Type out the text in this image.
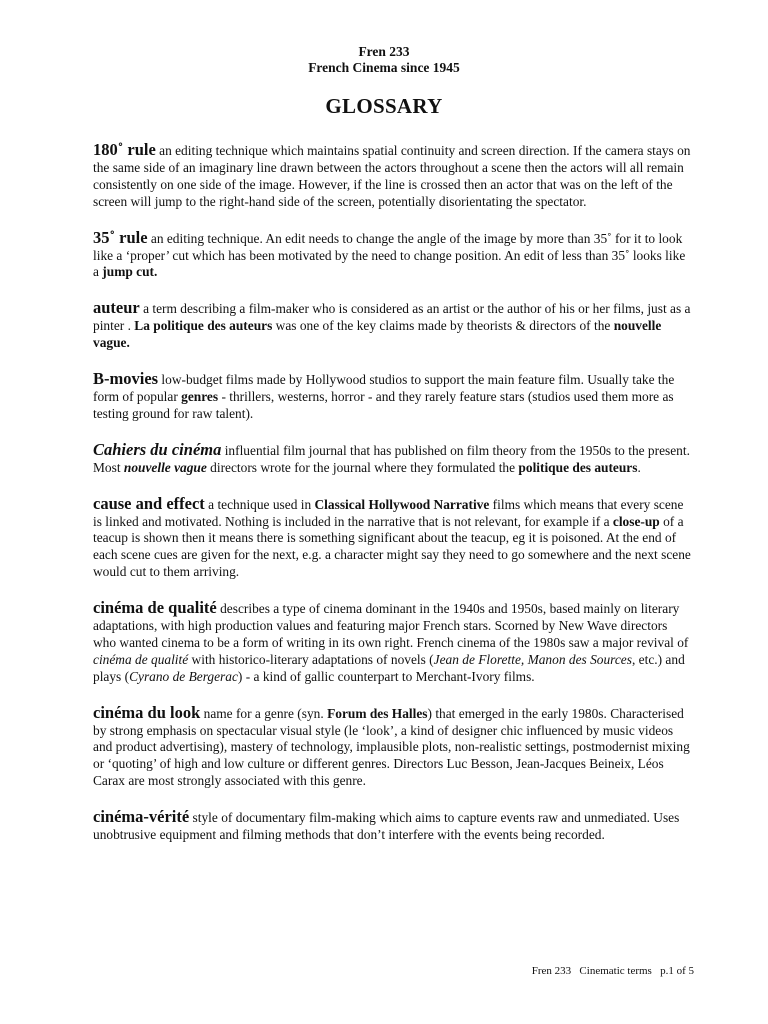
Fren 233
French Cinema since 1945
GLOSSARY

180˚ rule an editing technique which maintains spatial continuity and screen direction. If the camera stays on the same side of an imaginary line drawn between the actors throughout a scene then the actors will all remain consistently on one side of the image. However, if the line is crossed then an actor that was on the left of the screen will jump to the right-hand side of the screen, potentially disorientating the spectator.

35˚ rule an editing technique. An edit needs to change the angle of the image by more than 35˚ for it to look like a ‘proper’ cut which has been motivated by the need to change position. An edit of less than 35˚ looks like a jump cut.

auteur a term describing a film-maker who is considered as an artist or the author of his or her films, just as a pinter . La politique des auteurs was one of the key claims made by theorists & directors of the nouvelle vague.

B-movies low-budget films made by Hollywood studios to support the main feature film. Usually take the form of popular genres - thrillers, westerns, horror - and they rarely feature stars (studios used them more as testing ground for raw talent).

Cahiers du cinéma influential film journal that has published on film theory from the 1950s to the present. Most nouvelle vague directors wrote for the journal where they formulated the politique des auteurs.

cause and effect a technique used in Classical Hollywood Narrative films which means that every scene is linked and motivated. Nothing is included in the narrative that is not relevant, for example if a close-up of a teacup is shown then it means there is something significant about the teacup, eg it is poisoned. At the end of each scene cues are given for the next, e.g. a character might say they need to go somewhere and the next scene would cut to them arriving.

cinéma de qualité describes a type of cinema dominant in the 1940s and 1950s, based mainly on literary adaptations, with high production values and featuring major French stars. Scorned by New Wave directors who wanted cinema to be a form of writing in its own right. French cinema of the 1980s saw a major revival of cinéma de qualité with historico-literary adaptations of novels (Jean de Florette, Manon des Sources, etc.) and plays (Cyrano de Bergerac) - a kind of gallic counterpart to Merchant-Ivory films.

cinéma du look name for a genre (syn. Forum des Halles) that emerged in the early 1980s. Characterised by strong emphasis on spectacular visual style (le ‘look’, a kind of designer chic influenced by music videos and product advertising), mastery of technology, implausible plots, non-realistic settings, postmodernist mixing or ‘quoting’ of high and low culture or different genres. Directors Luc Besson, Jean-Jacques Beineix, Léos Carax are most strongly associated with this genre.

cinéma-vérité style of documentary film-making which aims to capture events raw and unmediated. Uses unobtrusive equipment and filming methods that don’t interfere with the events being recorded.

Fren 233   Cinematic terms   p.1 of 5
